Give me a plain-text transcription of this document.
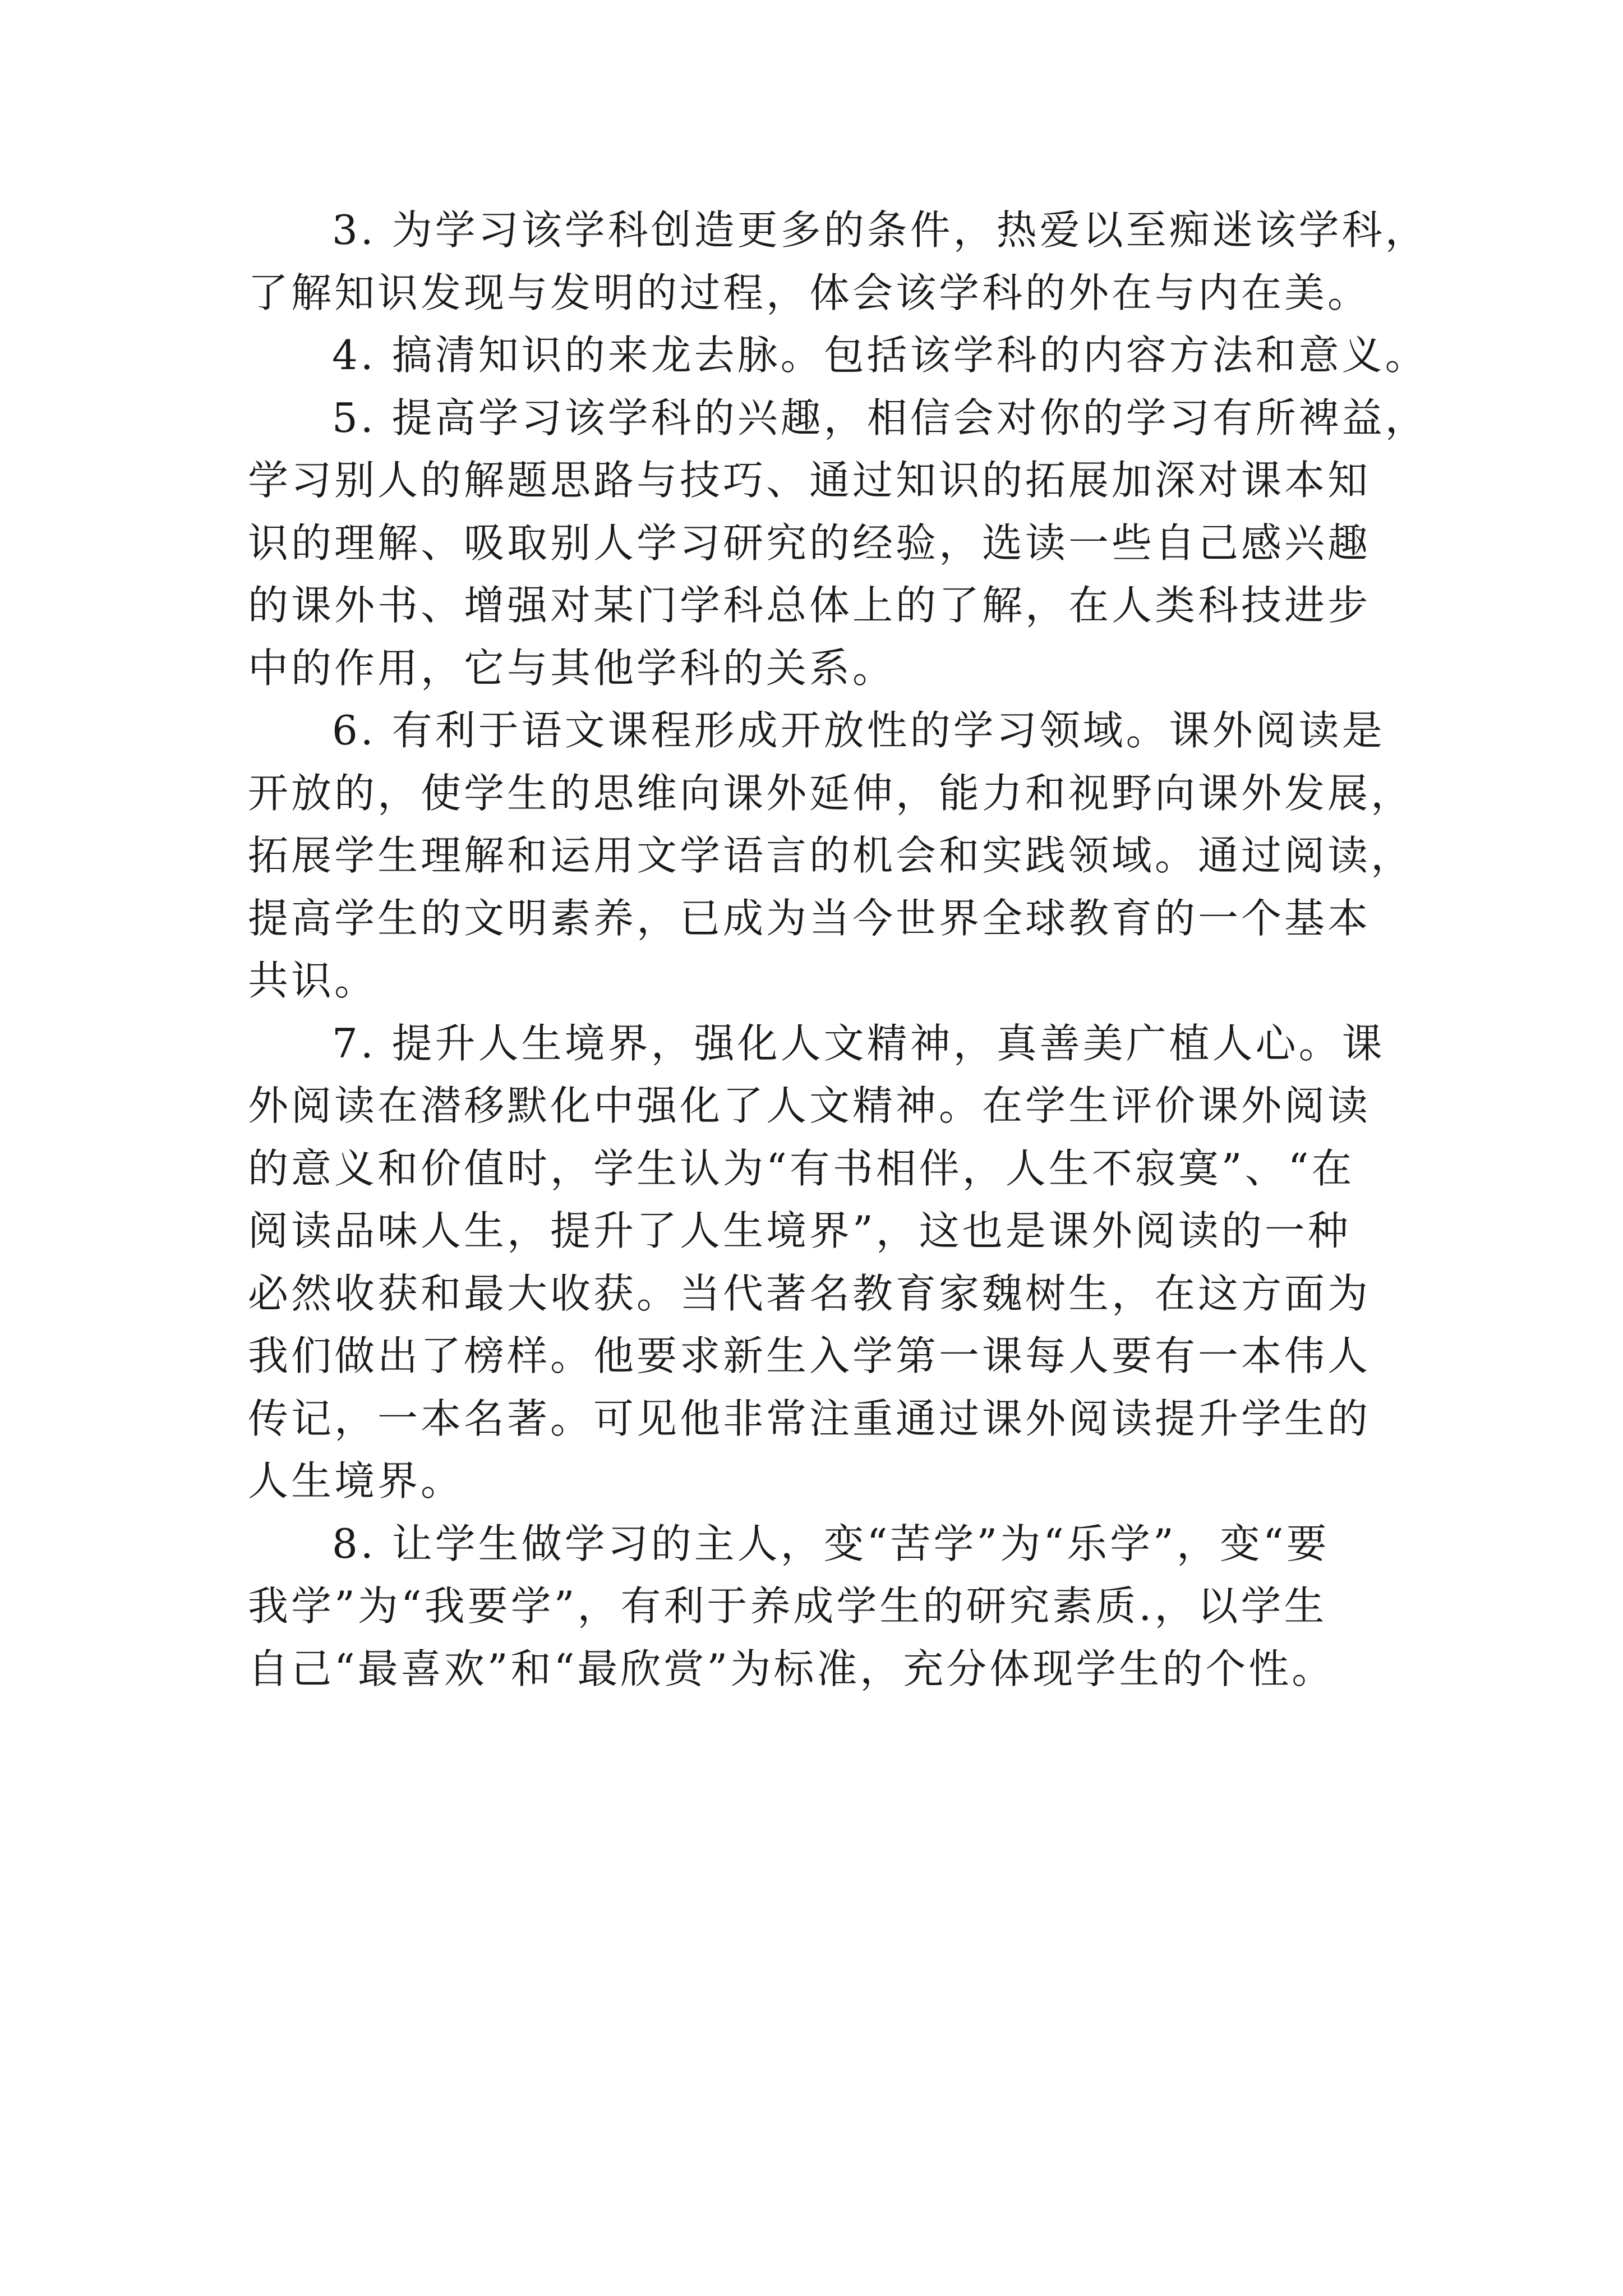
3. 为学习该学科创造更多的条件，热爱以至痴迷该学科，
了解知识发现与发明的过程，体会该学科的外在与内在美。
4. 搞清知识的来龙去脉。包括该学科的内容方法和意义。
5. 提高学习该学科的兴趣，相信会对你的学习有所裨益，
学习别人的解题思路与技巧、通过知识的拓展加深对课本知
识的理解、吸取别人学习研究的经验，选读一些自己感兴趣
的课外书、增强对某门学科总体上的了解，在人类科技进步
中的作用，它与其他学科的关系。
6. 有利于语文课程形成开放性的学习领域。课外阅读是
开放的，使学生的思维向课外延伸，能力和视野向课外发展，
拓展学生理解和运用文学语言的机会和实践领域。通过阅读，
提高学生的文明素养，已成为当今世界全球教育的一个基本
共识。
7. 提升人生境界，强化人文精神，真善美广植人心。课
外阅读在潜移默化中强化了人文精神。在学生评价课外阅读
的意义和价值时，学生认为“有书相伴，人生不寂寞”、“在
阅读品味人生，提升了人生境界”，这也是课外阅读的一种
必然收获和最大收获。当代著名教育家魏树生，在这方面为
我们做出了榜样。他要求新生入学第一课每人要有一本伟人
传记，一本名著。可见他非常注重通过课外阅读提升学生的
人生境界。
8. 让学生做学习的主人，变“苦学”为“乐学”，变“要
我学”为“我要学”，有利于养成学生的研究素质.，以学生
自己“最喜欢”和“最欣赏”为标准，充分体现学生的个性。
